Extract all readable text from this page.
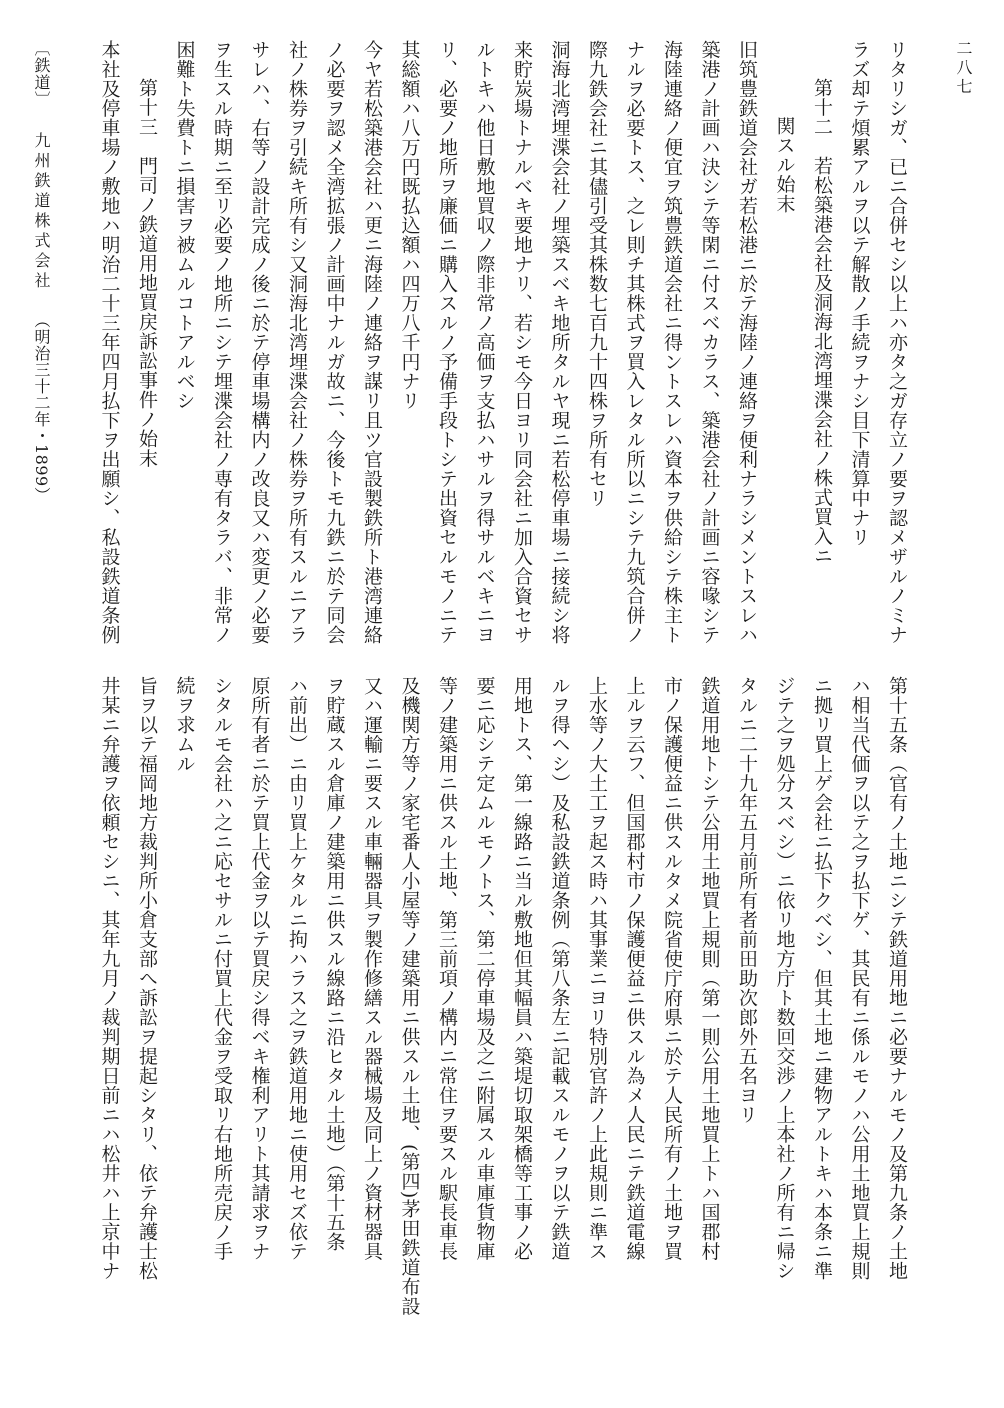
リタリシガ、已ニ合併セシ以上ハ亦タ之ガ存立ノ要ヲ認メザルノミナ
ラズ却テ煩累アルヲ以テ解散ノ手続ヲナシ目下清算中ナリ
第十二　若松築港会社及洞海北湾埋渫会社ノ株式買入ニ
関スル始末
旧筑豊鉄道会社ガ若松港ニ於テ海陸ノ連絡ヲ便利ナラシメントスレハ
築港ノ計画ハ決シテ等閑ニ付スベカラス、築港会社ノ計画ニ容喙シテ
海陸連絡ノ便宜ヲ筑豊鉄道会社ニ得ントスレハ資本ヲ供給シテ株主ト
ナルヲ必要トス、之レ則チ其株式ヲ買入レタル所以ニシテ九筑合併ノ
際九鉄会社ニ其儘引受其株数七百九十四株ヲ所有セリ
洞海北湾埋渫会社ノ埋築スベキ地所タルヤ現ニ若松停車場ニ接続シ将
来貯炭場トナルベキ要地ナリ、若シモ今日ヨリ同会社ニ加入合資セサ
ルトキハ他日敷地買収ノ際非常ノ高価ヲ支払ハサルヲ得サルベキニヨ
リ、必要ノ地所ヲ廉価ニ購入スルノ予備手段トシテ出資セルモノニテ
其総額ハ八万円既払込額ハ四万八千円ナリ
今ヤ若松築港会社ハ更ニ海陸ノ連絡ヲ謀リ且ツ官設製鉄所ト港湾連絡
ノ必要ヲ認メ全湾拡張ノ計画中ナルガ故ニ、今後トモ九鉄ニ於テ同会
社ノ株券ヲ引続キ所有シ又洞海北湾埋渫会社ノ株券ヲ所有スルニアラ
サレハ、右等ノ設計完成ノ後ニ於テ停車場構内ノ改良又ハ変更ノ必要
ヲ生スル時期ニ至リ必要ノ地所ニシテ埋渫会社ノ専有タラバ、非常ノ
困難ト失費トニ損害ヲ被ムルコトアルベシ
第十三　門司ノ鉄道用地買戻訴訟事件ノ始末
本社及停車場ノ敷地ハ明治二十三年四月払下ヲ出願シ、私設鉄道条例
第十五条（官有ノ土地ニシテ鉄道用地ニ必要ナルモノ及第九条ノ土地
ハ相当代価ヲ以テ之ヲ払下ゲ、其民有ニ係ルモノハ公用土地買上規則
ニ拠リ買上ゲ会社ニ払下クベシ、但其土地ニ建物アルトキハ本条ニ準
ジテ之ヲ処分スベシ）ニ依リ地方庁ト数回交渉ノ上本社ノ所有ニ帰シ
タルニ二十九年五月前所有者前田助次郎外五名ヨリ
鉄道用地トシテ公用土地買上規則（第一則公用土地買上トハ国郡村
市ノ保護便益ニ供スルタメ院省使庁府県ニ於テ人民所有ノ土地ヲ買
上ルヲ云フ、但国郡村市ノ保護便益ニ供スル為メ人民ニテ鉄道電線
上水等ノ大土工ヲ起ス時ハ其事業ニヨリ特別官許ノ上此規則ニ準ス
ルヲ得ヘシ）及私設鉄道条例（第八条左ニ記載スルモノヲ以テ鉄道
用地トス、第一線路ニ当ル敷地但其幅員ハ築堤切取架橋等工事ノ必
要ニ応シテ定ムルモノトス、第二停車場及之ニ附属スル車庫貨物庫
等ノ建築用ニ供スル土地、第三前項ノ構内ニ常住ヲ要スル駅長車長
及機関方等ノ家宅番人小屋等ノ建築用ニ供スル土地、(第四)茅田鉄道布設
又ハ運輸ニ要スル車輛器具ヲ製作修繕スル器械場及同上ノ資材器具
ヲ貯蔵スル倉庫ノ建築用ニ供スル線路ニ沿ヒタル土地）（第十五条
ハ前出）ニ由リ買上ケタルニ拘ハラス之ヲ鉄道用地ニ使用セズ依テ
原所有者ニ於テ買上代金ヲ以テ買戻シ得ベキ権利アリト其請求ヲナ
シタルモ会社ハ之ニ応セサルニ付買上代金ヲ受取リ右地所売戻ノ手
続ヲ求ムル
旨ヲ以テ福岡地方裁判所小倉支部へ訴訟ヲ提起シタリ、依テ弁護士松
井某ニ弁護ヲ依頼セシニ、其年九月ノ裁判期日前ニハ松井ハ上京中ナ
〔鉄道〕九州鉄道株式会社（明治三十二年・1899）
二八七
